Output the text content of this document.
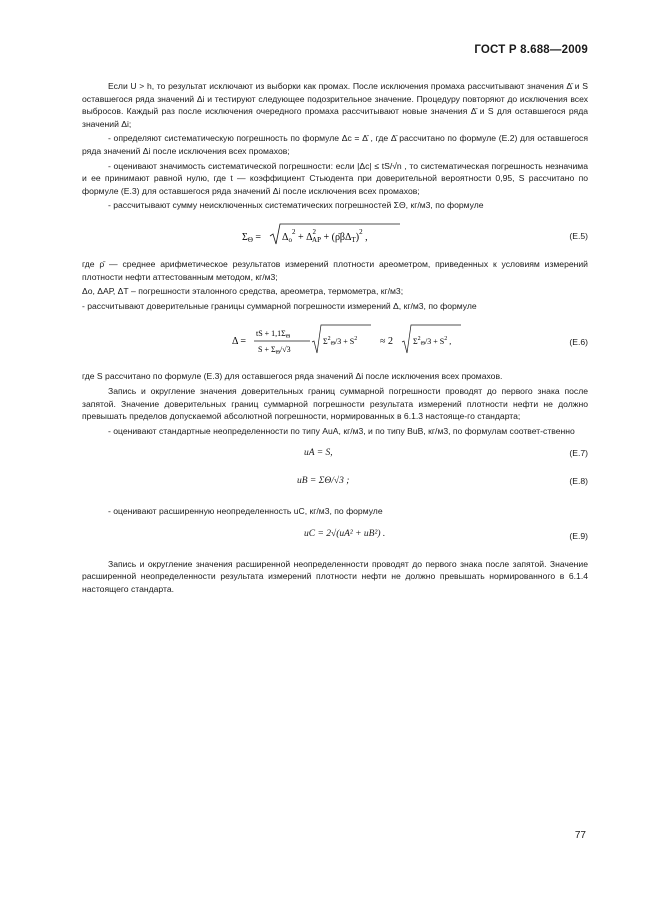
ГОСТ Р 8.688—2009

Если U > h, то результат исключают из выборки как промах. После исключения промаха рассчитывают значения Δ̄ и S оставшегося ряда значений Δi и тестируют следующее подозрительное значение. Процедуру повторяют до исключения всех выбросов. Каждый раз после исключения очередного промаха рассчитывают новые значения Δ̄ и S для оставшегося ряда значений Δi;

- определяют систематическую погрешность по формуле Δc = Δ̄ , где Δ̄ рассчитано по формуле (Е.2) для оставшегося ряда значений Δi после исключения всех промахов;

- оценивают значимость систематической погрешности: если |Δc| ≤ tS/√n , то систематическая погрешность незначима и ее принимают равной нулю, где t — коэффициент Стьюдента при доверительной вероятности 0,95, S рассчитано по формуле (Е.3) для оставшегося ряда значений Δi после исключения всех промахов;

- рассчитывают сумму неисключенных систематических погрешностей ΣΘ, кг/м3, по формуле

$\Sigma_\Theta = \Delta_о^2 + \Delta^2$ АР + $(\rhō\beta\Delta_T)^2$ ,	(Е.5)

где ρ̄ — среднее арифметическое результатов измерений плотности ареометром, приведенных к условиям измерений плотности нефти аттестованным методом, кг/м3;

Δо, ΔАР, ΔТ – погрешности эталонного средства, ареометра, термометра, кг/м3;

- рассчитывают доверительные границы суммарной погрешности измерений Δ, кг/м3, по формуле

Δ =
tS + $1,1\Sigma_\Theta$
$S + \Sigma_\Theta/√3$
$\Sigma^2_\Theta/3 + S^2 \approx 2$	$\Sigma^2_\Theta/3 + S^2$ ,	(Е.6)

где S рассчитано по формуле (Е.3) для оставшегося ряда значений Δi после исключения всех промахов.

Запись и округление значения доверительных границ суммарной погрешности проводят до первого знака после запятой. Значение доверительных границ суммарной погрешности результата измерений плотности нефти не должно превышать пределов допускаемой абсолютной погрешности, нормированных в 6.1.3 настояще-го стандарта;

- оценивают стандартные неопределенности по типу АuА, кг/м3, и по типу ВuВ, кг/м3, по формулам соответ-ственно

uA = S,	(Е.7)
uB = ΣΘ/√3 ;	(Е.8)

- оценивают расширенную неопределенность uC, кг/м3, по формуле

uC = 2√(uA² + uB²) .	(Е.9)

Запись и округление значения расширенной неопределенности проводят до первого знака после запятой. Значение расширенной неопределенности результата измерений плотности нефти не должно превышать нормированного в 6.1.4 настоящего стандарта.

77
